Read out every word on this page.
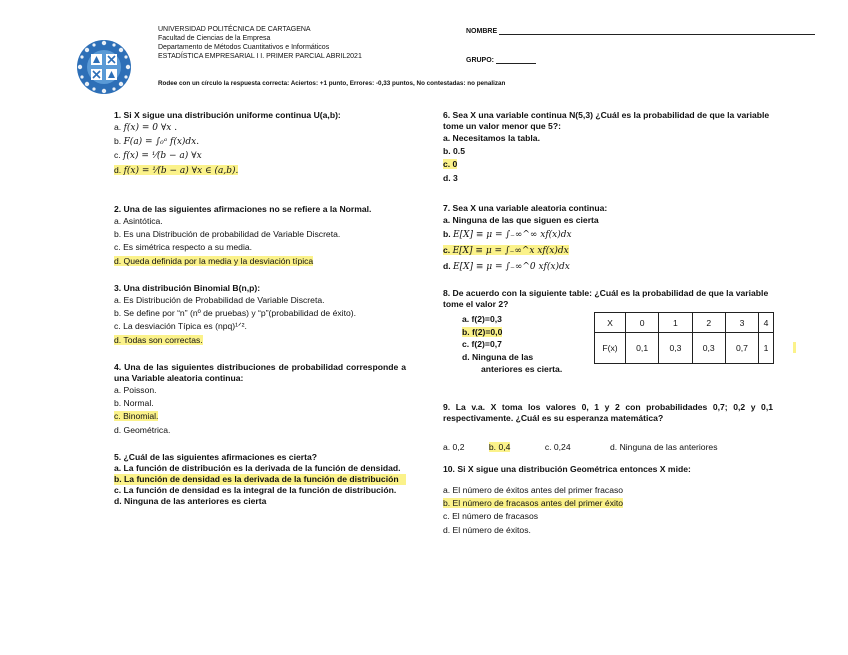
UNIVERSIDAD POLITÉCNICA DE CARTAGENA
Facultad de Ciencias de la Empresa
Departamento de Métodos Cuantitativos e Informáticos
ESTADÍSTICA EMPRESARIAL I I. PRIMER PARCIAL ABRIL2021
NOMBRE
GRUPO:
Rodee con un círculo la respuesta correcta: Aciertos: +1 punto, Errores: -0,33 puntos, No contestadas: no penalizan
1. Si X sigue una distribución uniforme continua U(a,b):
a. f(x) = 0 ∀x .
b. F(a) = ∫₀ᵃ f(x)dx.
c. f(x) = ¹⁄(b − a) ∀x
d. f(x) = ¹⁄(b − a) ∀x ∈ (a,b).
2. Una de las siguientes afirmaciones no se refiere a la Normal.
a. Asintótica.
b. Es una Distribución de probabilidad de Variable Discreta.
c. Es simétrica respecto a su media.
d. Queda definida por la media y la desviación típica
3. Una distribución Binomial B(n,p):
a. Es Distribución de Probabilidad de Variable Discreta.
b. Se define por “n” (nº de pruebas) y “p”(probabilidad de éxito).
c. La desviación Típica es (npq)¹ᐟ².
d. Todas son correctas.
4. Una de las siguientes distribuciones de probabilidad corresponde a una Variable aleatoria continua:
a. Poisson.
b. Normal.
c. Binomial.
d. Geométrica.
5. ¿Cuál de las siguientes afirmaciones es cierta?
a. La función de distribución es la derivada de la función de densidad.
b. La función de densidad es la derivada de la función de distribución
c. La función de densidad es la integral de la función de distribución.
d. Ninguna de las anteriores es cierta
6. Sea X una variable continua N(5,3) ¿Cuál es la probabilidad de que la variable tome un valor menor que 5?:
a. Necesitamos la tabla.
b. 0.5
c. 0
d. 3
7. Sea X una variable aleatoria continua:
a. Ninguna de las que siguen es cierta
b. E[X] ≡ μ = ∫₋∞^∞ xf(x)dx
c. E[X] ≡ μ = ∫₋∞^x xf(x)dx
d. E[X] ≡ μ = ∫₋∞^0 xf(x)dx
8. De acuerdo con la siguiente table: ¿Cuál es la probabilidad de que la variable tome el valor 2?
a. f(2)=0,3
b. f(2)=0,0
c. f(2)=0,7
d. Ninguna de las
anteriores es cierta.
X	0	1	2	3	4
F(x)	0,1	0,3	0,3	0,7	1
9. La v.a. X toma los valores 0, 1 y 2 con probabilidades 0,7; 0,2 y 0,1 respectivamente. ¿Cuál es su esperanza matemática?
a. 0,2	b. 0,4	c. 0,24	d. Ninguna de las anteriores
10. Si X sigue una distribución Geométrica entonces X mide:
a. El número de éxitos antes del primer fracaso
b. El número de fracasos antes del primer éxito
c. El número de fracasos
d. El número de éxitos.
